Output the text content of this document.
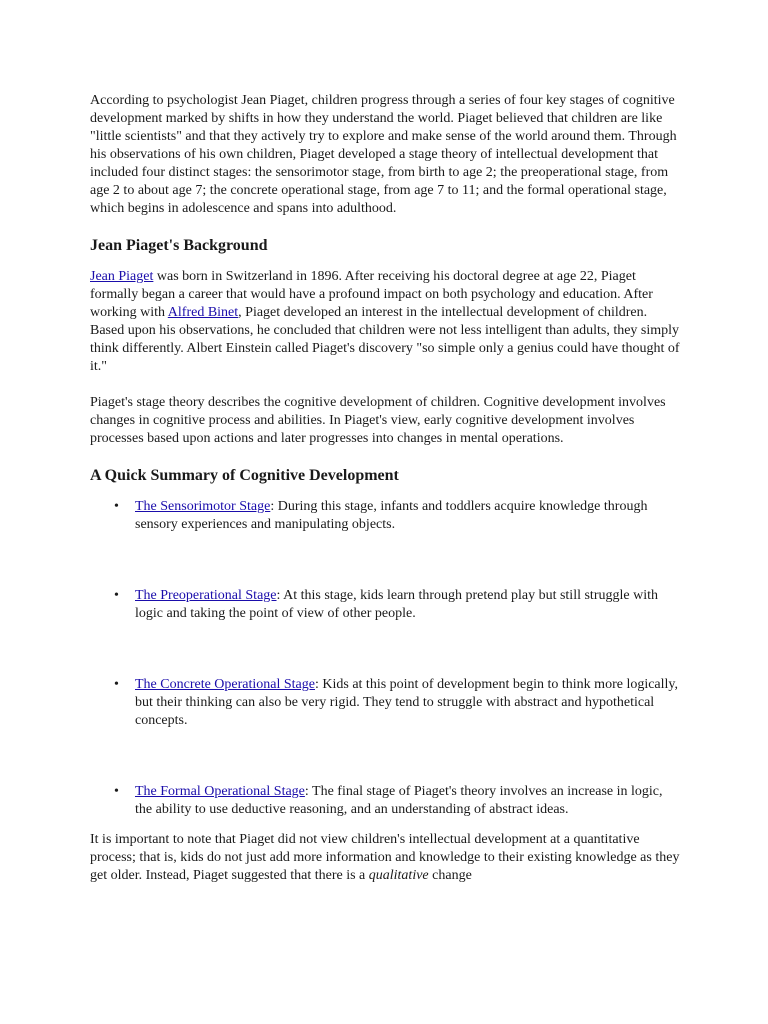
According to psychologist Jean Piaget, children progress through a series of four key stages of cognitive development marked by shifts in how they understand the world. Piaget believed that children are like "little scientists" and that they actively try to explore and make sense of the world around them. Through his observations of his own children, Piaget developed a stage theory of intellectual development that included four distinct stages: the sensorimotor stage, from birth to age 2; the preoperational stage, from age 2 to about age 7; the concrete operational stage, from age 7 to 11; and the formal operational stage, which begins in adolescence and spans into adulthood.

Jean Piaget's Background

Jean Piaget was born in Switzerland in 1896. After receiving his doctoral degree at age 22, Piaget formally began a career that would have a profound impact on both psychology and education. After working with Alfred Binet, Piaget developed an interest in the intellectual development of children. Based upon his observations, he concluded that children were not less intelligent than adults, they simply think differently. Albert Einstein called Piaget's discovery "so simple only a genius could have thought of it."

Piaget's stage theory describes the cognitive development of children. Cognitive development involves changes in cognitive process and abilities. In Piaget's view, early cognitive development involves processes based upon actions and later progresses into changes in mental operations.

A Quick Summary of Cognitive Development
• The Sensorimotor Stage: During this stage, infants and toddlers acquire knowledge through sensory experiences and manipulating objects.
• The Preoperational Stage: At this stage, kids learn through pretend play but still struggle with logic and taking the point of view of other people.
• The Concrete Operational Stage: Kids at this point of development begin to think more logically, but their thinking can also be very rigid. They tend to struggle with abstract and hypothetical concepts.
• The Formal Operational Stage: The final stage of Piaget's theory involves an increase in logic, the ability to use deductive reasoning, and an understanding of abstract ideas.

It is important to note that Piaget did not view children's intellectual development at a quantitative process; that is, kids do not just add more information and knowledge to their existing knowledge as they get older. Instead, Piaget suggested that there is a qualitative change
